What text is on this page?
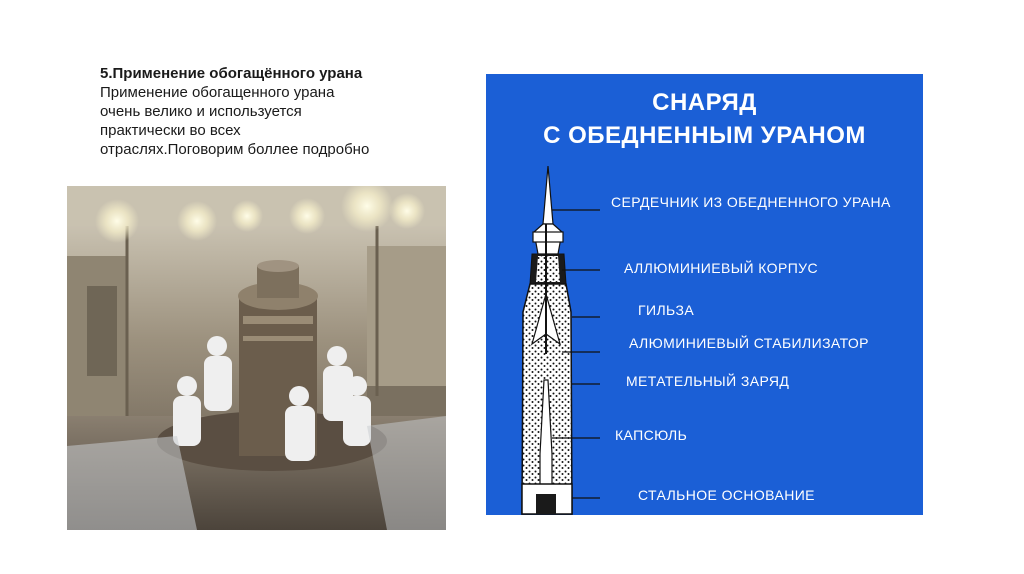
5.Применение обогащённого урана
Применение обогащенного урана
очень велико и используется
практически во всех
отраслях.Поговорим боллее подробно
СНАРЯД
С ОБЕДНЕННЫМ УРАНОМ
СЕРДЕЧНИК ИЗ ОБЕДНЕННОГО УРАНА
АЛЛЮМИНИЕВЫЙ КОРПУС
ГИЛЬЗА
АЛЮМИНИЕВЫЙ СТАБИЛИЗАТОР
МЕТАТЕЛЬНЫЙ ЗАРЯД
КАПСЮЛЬ
СТАЛЬНОЕ ОСНОВАНИЕ
